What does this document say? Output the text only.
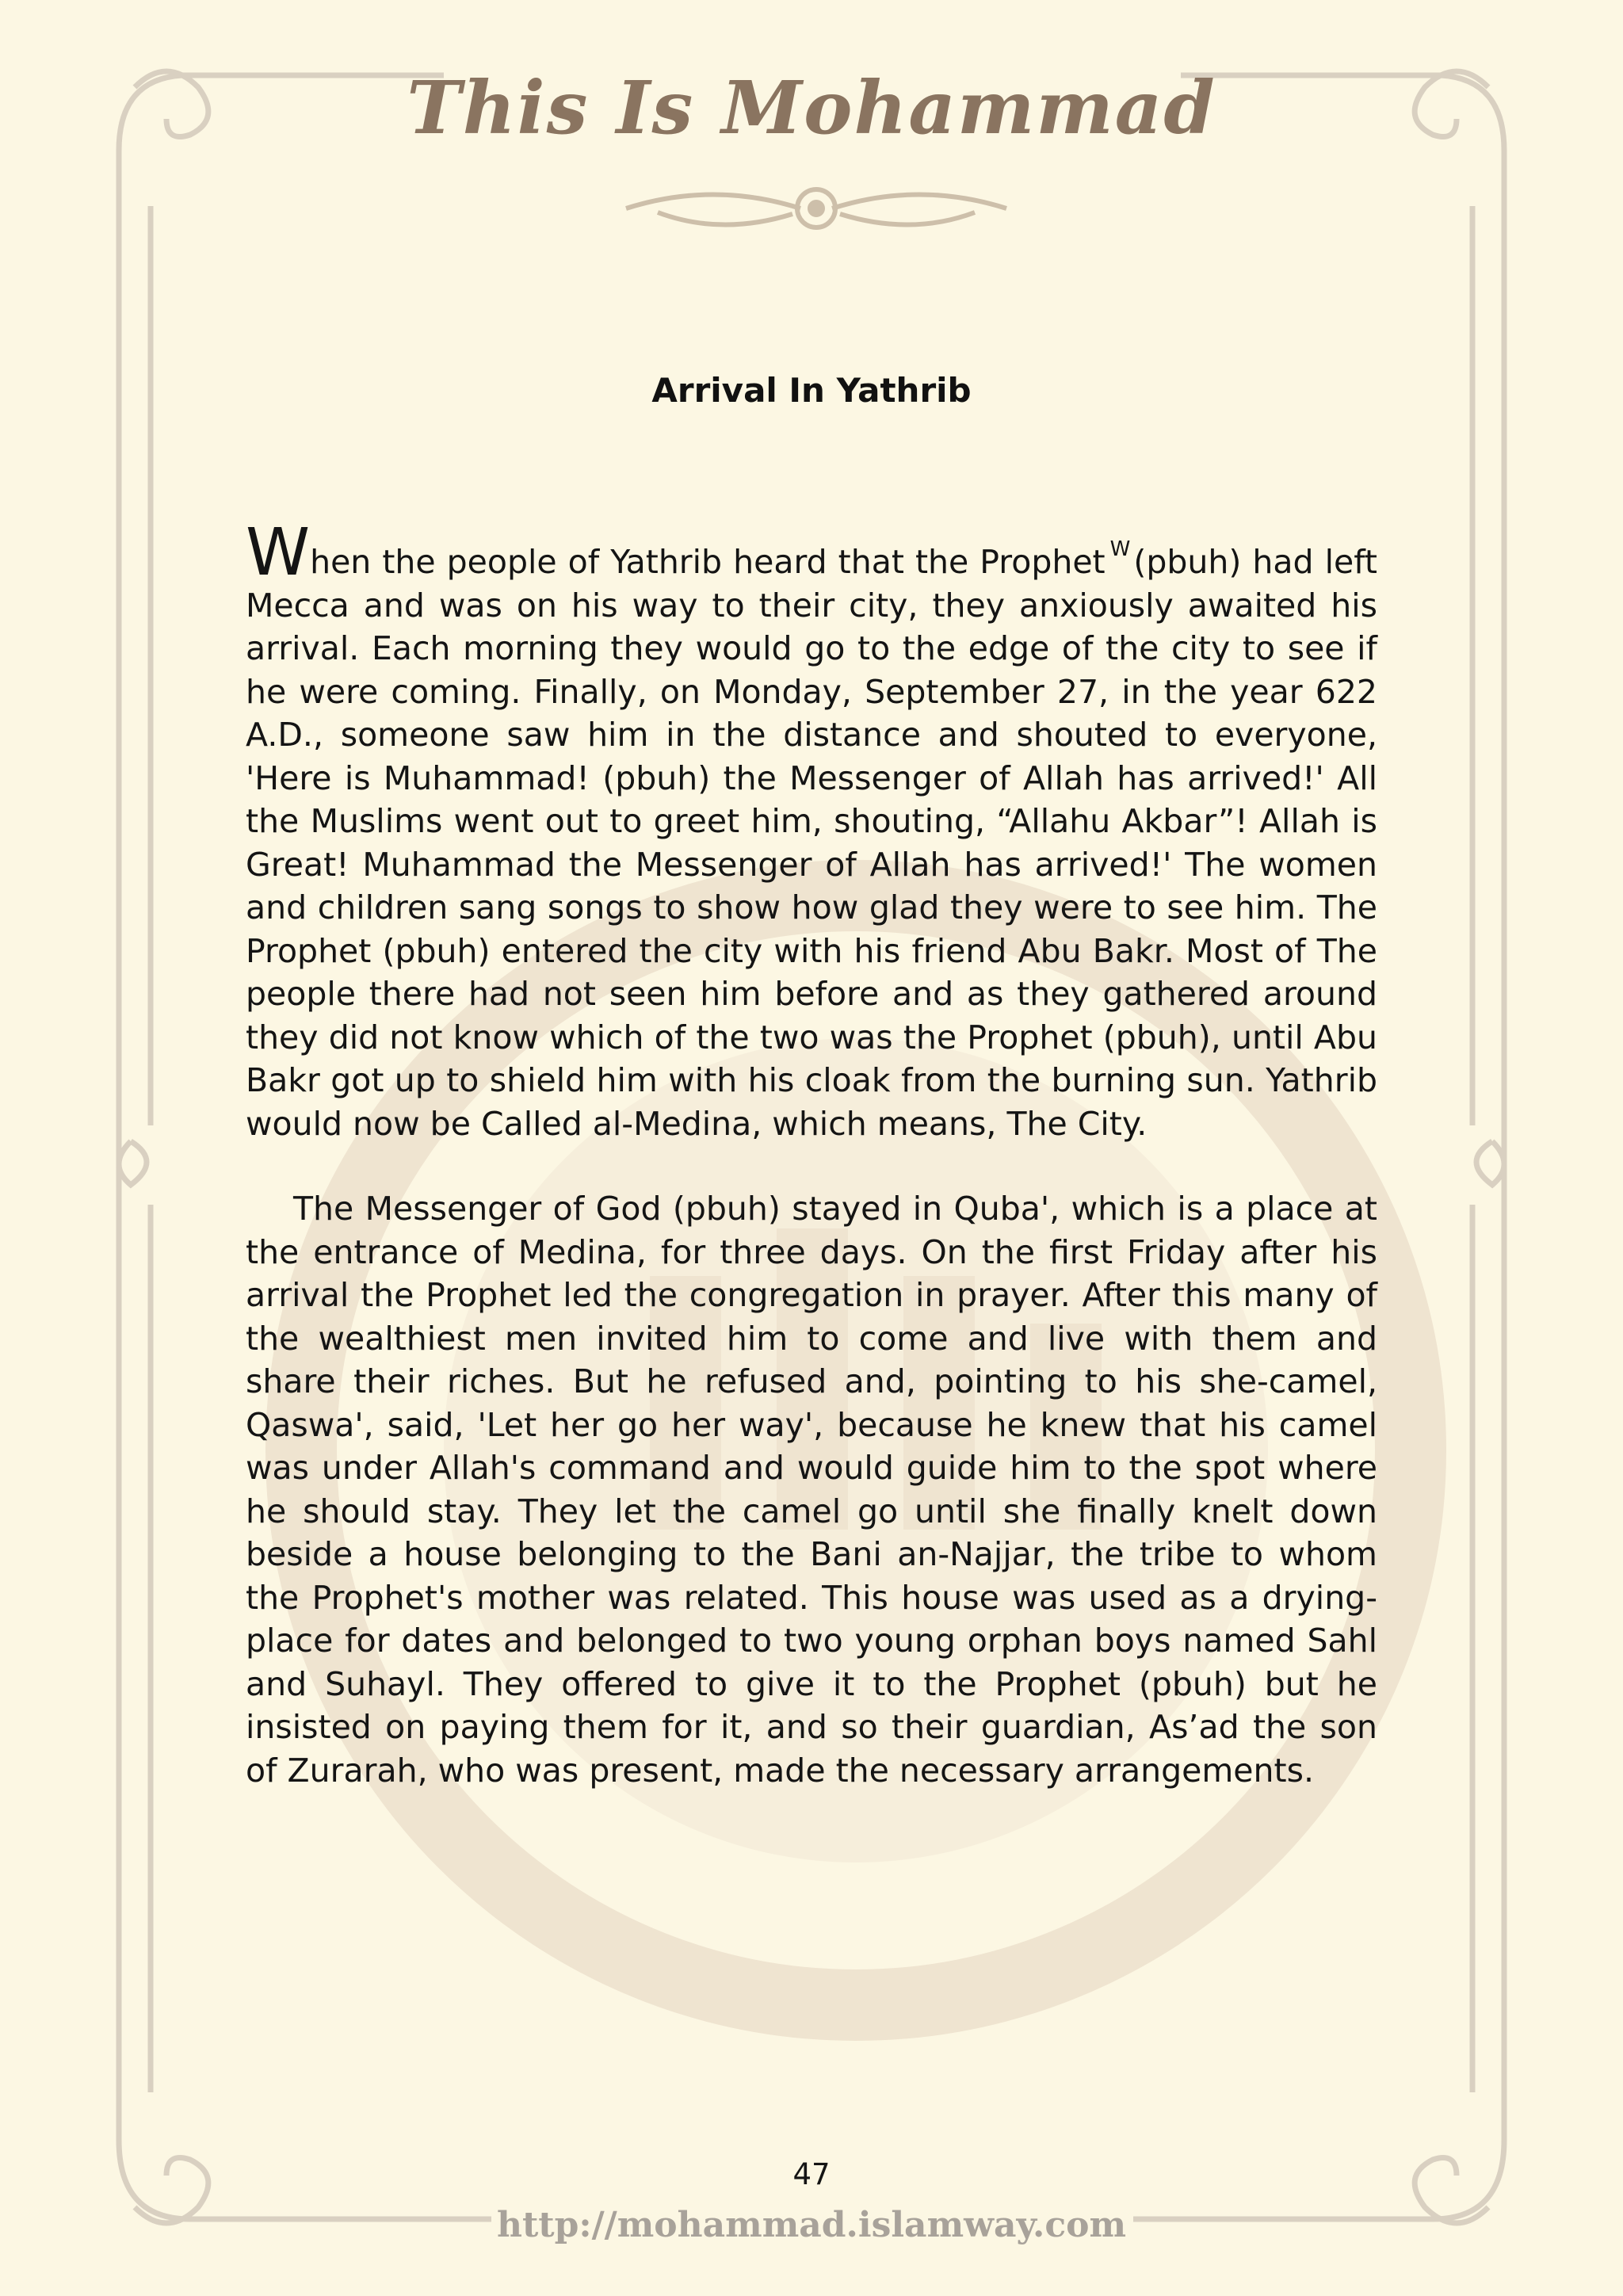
This Is Mohammad
Arrival In Yathrib

When the people of Yathrib heard that the Prophet $^W$(pbuh) had left Mecca and was on his way to their city, they anxiously awaited his arrival. Each morning they would go to the edge of the city to see if he were coming. Finally, on Monday, September 27, in the year 622 A.D., someone saw him in the distance and shouted to everyone, 'Here is Muhammad! (pbuh) the Messenger of Allah has arrived!' All the Muslims went out to greet him, shouting, “Allahu Akbar”! Allah is Great! Muhammad the Messenger of Allah has arrived!' The women and children sang songs to show how glad they were to see him. The Prophet (pbuh) entered the city with his friend Abu Bakr. Most of The people there had not seen him before and as they gathered around they did not know which of the two was the Prophet (pbuh), until Abu Bakr got up to shield him with his cloak from the burning sun. Yathrib would now be Called al-Medina, which means, The City.

The Messenger of God (pbuh) stayed in Quba', which is a place at the entrance of Medina, for three days. On the first Friday after his arrival the Prophet led the congregation in prayer. After this many of the wealthiest men invited him to come and live with them and share their riches. But he refused and, pointing to his she-camel, Qaswa', said, 'Let her go her way', because he knew that his camel was under Allah's command and would guide him to the spot where he should stay. They let the camel go until she finally knelt down beside a house belonging to the Bani an-Najjar, the tribe to whom the Prophet's mother was related. This house was used as a drying-place for dates and belonged to two young orphan boys named Sahl and Suhayl. They offered to give it to the Prophet (pbuh) but he insisted on paying them for it, and so their guardian, As’ad the son of Zurarah, who was present, made the necessary arrangements.

47
http://mohammad.islamway.com
